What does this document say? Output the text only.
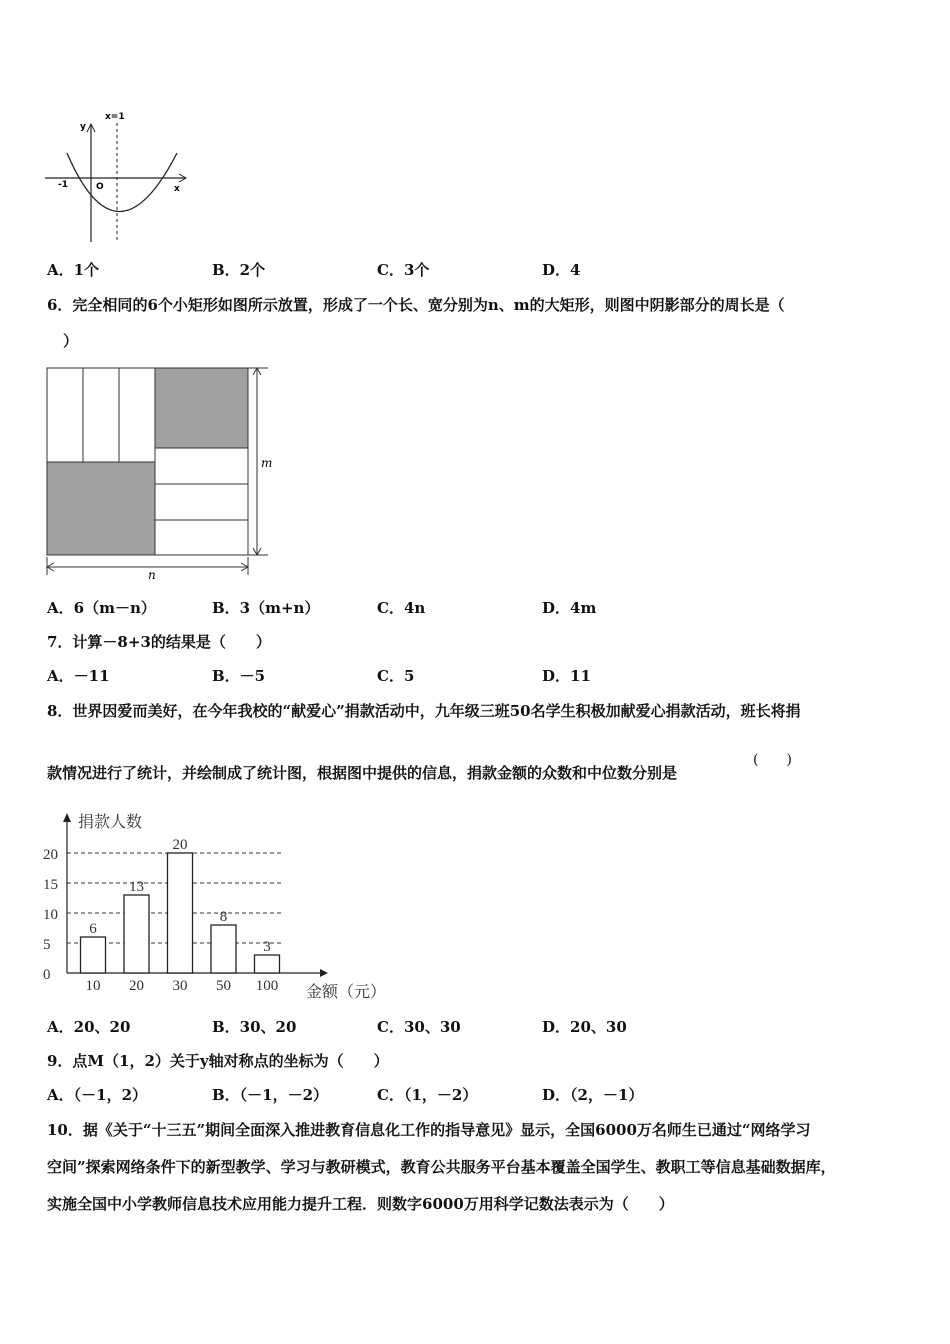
x=1
y
x
O
-1
A．1个	B．2个	C．3个	D．4
6．完全相同的6个小矩形如图所示放置，形成了一个长、宽分别为n、m的大矩形，则图中阴影部分的周长是（
）
m
n
A．6（m－n）	B．3（m+n）	C．4n	D．4m
7．计算－8+3的结果是（　　）
A．－11	B．－5	C．5	D．11
8．世界因爱而美好，在今年我校的“献爱心”捐款活动中，九年级三班50名学生积极加献爱心捐款活动，班长将捐
款情况进行了统计，并绘制成了统计图，根据图中提供的信息，捐款金额的众数和中位数分别是
(　　)
捐款人数
金额（元）
0
5
10
15
20
6
10
13
20
20
30
8
50
3
100
A．20、20	B．30、20	C．30、30	D．20、30
9．点M（1，2）关于y轴对称点的坐标为（　　）
A．（－1，2）	B．（－1，－2）	C．（1，－2）	D．（2，－1）
10．据《关于“十三五”期间全面深入推进教育信息化工作的指导意见》显示，全国6000万名师生已通过“网络学习
空间”探索网络条件下的新型教学、学习与教研模式，教育公共服务平台基本覆盖全国学生、教职工等信息基础数据库，
实施全国中小学教师信息技术应用能力提升工程．则数字6000万用科学记数法表示为（　　）
